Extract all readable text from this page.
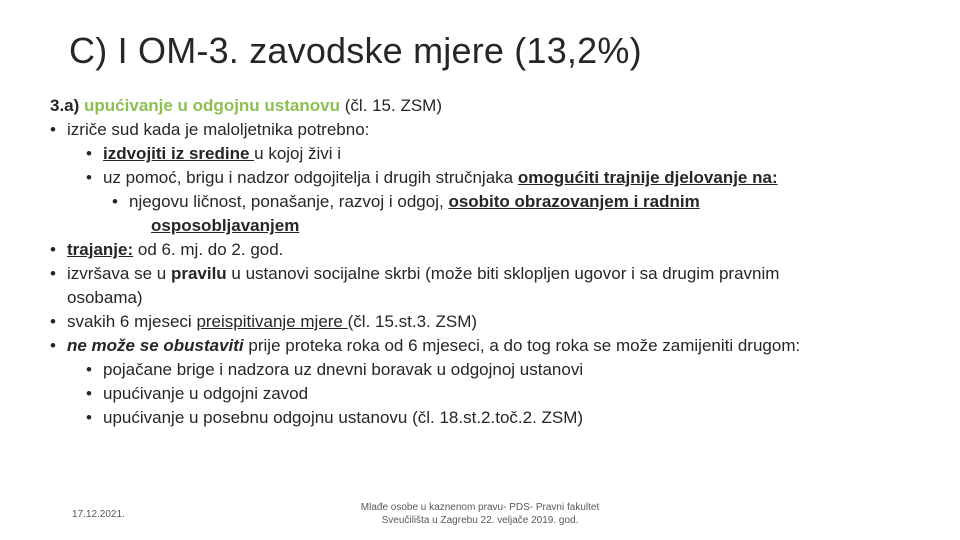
C) I OM-3. zavodske mjere (13,2%)
3.a) upućivanje u odgojnu ustanovu (čl. 15. ZSM)
• izriče sud kada je maloljetnika potrebno:
• izdvojiti iz sredine u kojoj živi i
• uz pomoć, brigu i nadzor odgojitelja i drugih stručnjaka omogućiti trajnije djelovanje na:
• njegovu ličnost, ponašanje, razvoj i odgoj, osobito obrazovanjem i radnim
osposobljavanjem
• trajanje: od 6. mj. do 2. god.
• izvršava se u pravilu u ustanovi socijalne skrbi (može biti sklopljen ugovor i sa drugim pravnim
osobama)
• svakih 6 mjeseci preispitivanje mjere (čl. 15.st.3. ZSM)
• ne može se obustaviti prije proteka roka od 6 mjeseci, a do tog roka se može zamijeniti drugom:
• pojačane brige i nadzora uz dnevni boravak u odgojnoj ustanovi
• upućivanje u odgojni zavod
• upućivanje u posebnu odgojnu ustanovu (čl. 18.st.2.toč.2. ZSM)
17.12.2021.
Mlađe osobe u kaznenom pravu- PDS- Pravni fakultet
Sveučilišta u Zagrebu 22. veljače 2019. god.
